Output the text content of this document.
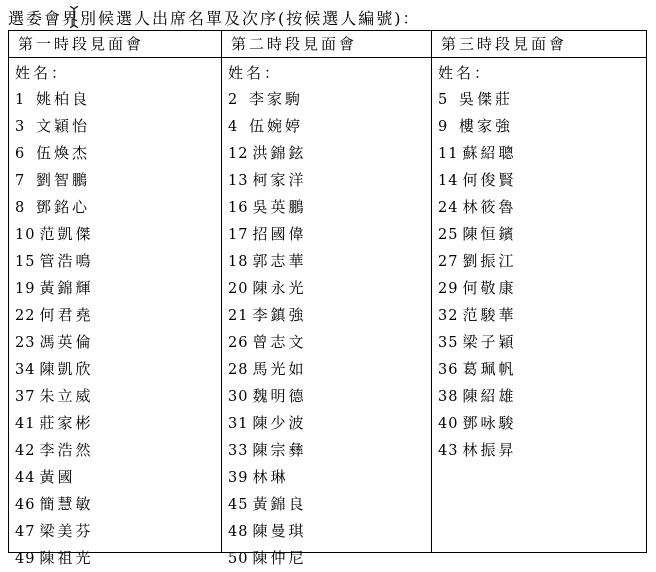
選委會界別候選人出席名單及次序(按候選人編號)：
第一時段見面會
姓名：
1 姚柏良
3 文穎怡
6 伍煥杰
7 劉智鵬
8 鄧銘心
10 范凱傑
15 管浩鳴
19 黃錦輝
22 何君堯
23 馮英倫
34 陳凱欣
37 朱立威
41 莊家彬
42 李浩然
44 黃國
46 簡慧敏
47 梁美芬
49 陳祖光
第二時段見面會
姓名：
2 李家駒
4 伍婉婷
12 洪錦鉉
13 柯家洋
16 吳英鵬
17 招國偉
18 郭志華
20 陳永光
21 李鎮強
26 曾志文
28 馬光如
30 魏明德
31 陳少波
33 陳宗彝
39 林琳
45 黃錦良
48 陳曼琪
50 陳仲尼
第三時段見面會
姓名：
5 吳傑莊
9 樓家強
11 蘇紹聰
14 何俊賢
24 林筱魯
25 陳恒鑌
27 劉振江
29 何敬康
32 范駿華
35 梁子穎
36 葛珮帆
38 陳紹雄
40 鄧咏駿
43 林振昇
